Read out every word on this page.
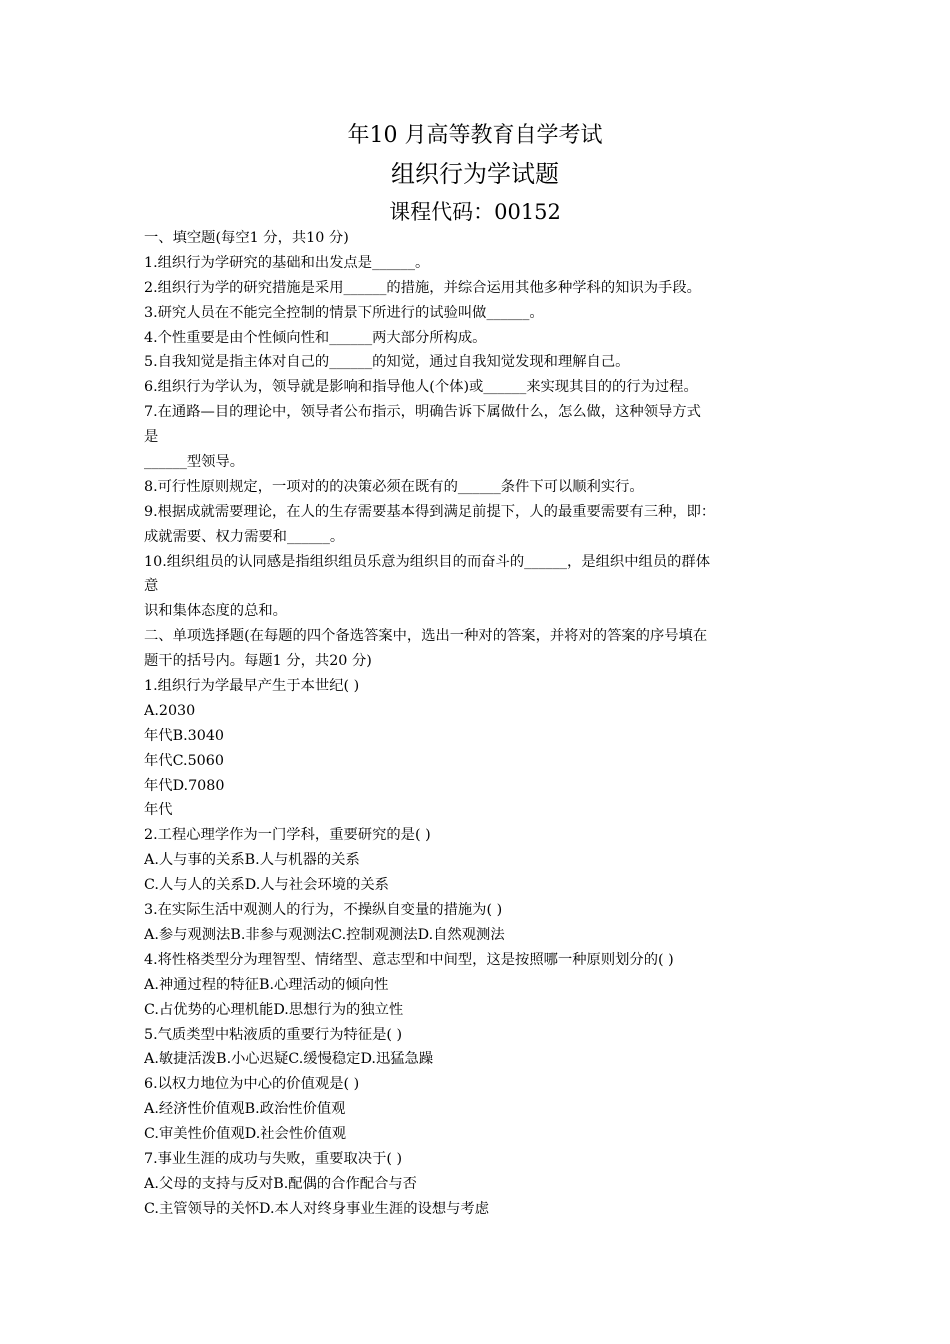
年10 月高等教育自学考试
组织行为学试题
课程代码：00152
一、填空题(每空1 分，共10 分)
1.组织行为学研究的基础和出发点是______。
2.组织行为学的研究措施是采用______的措施，并综合运用其他多种学科的知识为手段。
3.研究人员在不能完全控制的情景下所进行的试验叫做______。
4.个性重要是由个性倾向性和______两大部分所构成。
5.自我知觉是指主体对自己的______的知觉，通过自我知觉发现和理解自己。
6.组织行为学认为，领导就是影响和指导他人(个体)或______来实现其目的的行为过程。
7.在通路—目的理论中，领导者公布指示，明确告诉下属做什么，怎么做，这种领导方式
是
______型领导。
8.可行性原则规定，一项对的的决策必须在既有的______条件下可以顺利实行。
9.根据成就需要理论，在人的生存需要基本得到满足前提下，人的最重要需要有三种，即：
成就需要、权力需要和______。
10.组织组员的认同感是指组织组员乐意为组织目的而奋斗的______，是组织中组员的群体
意
识和集体态度的总和。
二、单项选择题(在每题的四个备选答案中，选出一种对的答案，并将对的答案的序号填在
题干的括号内。每题1 分，共20 分)
1.组织行为学最早产生于本世纪( )
A.2030
年代B.3040
年代C.5060
年代D.7080
年代
2.工程心理学作为一门学科，重要研究的是( )
A.人与事的关系B.人与机器的关系
C.人与人的关系D.人与社会环境的关系
3.在实际生活中观测人的行为，不操纵自变量的措施为( )
A.参与观测法B.非参与观测法C.控制观测法D.自然观测法
4.将性格类型分为理智型、情绪型、意志型和中间型，这是按照哪一种原则划分的( )
A.神通过程的特征B.心理活动的倾向性
C.占优势的心理机能D.思想行为的独立性
5.气质类型中粘液质的重要行为特征是( )
A.敏捷活泼B.小心迟疑C.缓慢稳定D.迅猛急躁
6.以权力地位为中心的价值观是( )
A.经济性价值观B.政治性价值观
C.审美性价值观D.社会性价值观
7.事业生涯的成功与失败，重要取决于( )
A.父母的支持与反对B.配偶的合作配合与否
C.主管领导的关怀D.本人对终身事业生涯的设想与考虑
